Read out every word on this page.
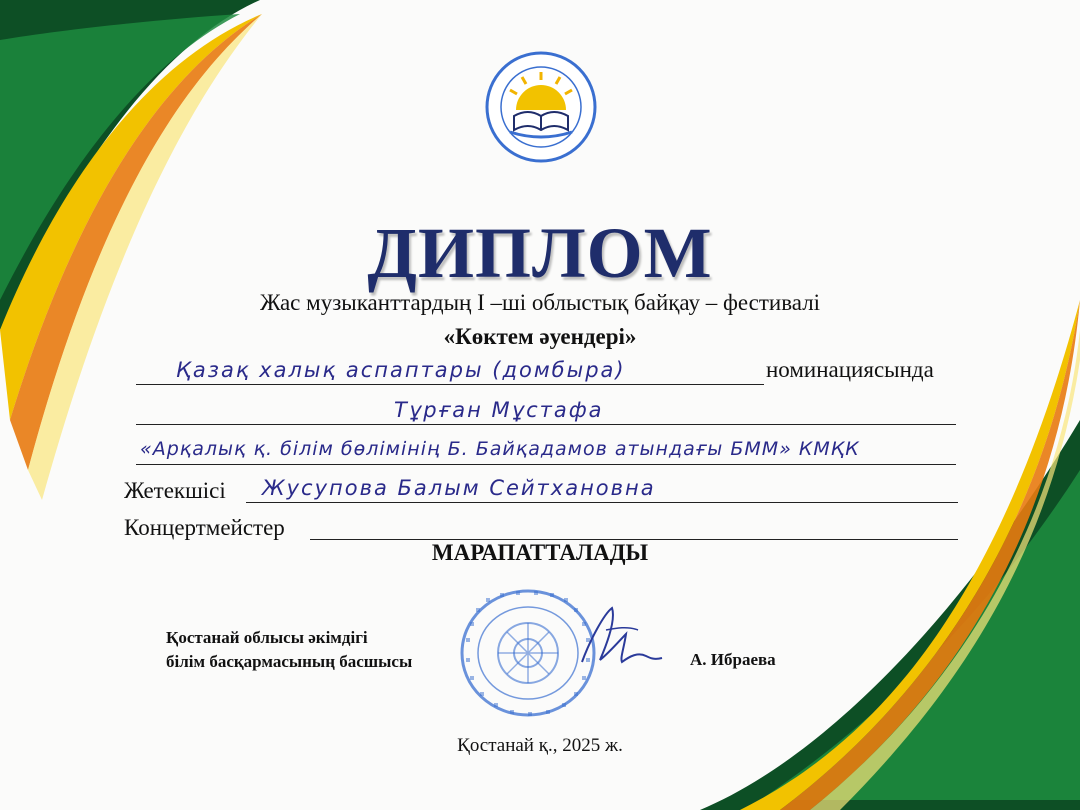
ДИПЛОМ
Жас музыканттардың I –ші облыстық байқау – фестивалі
«Көктем әуендері»
Қазақ халық аспаптары (домбыра)	номинациясында
Тұрған Мұстафа
«Арқалық қ. білім бөлімінің Б. Байқадамов атындағы БММ» КМҚК
Жетекшісі Жусупова Балым Сейтхановна
Концертмейстер
МАРАПАТТАЛАДЫ
Қостанай облысы әкімдігі
білім басқармасының басшысы	А. Ибраева
Қостанай қ., 2025 ж.
